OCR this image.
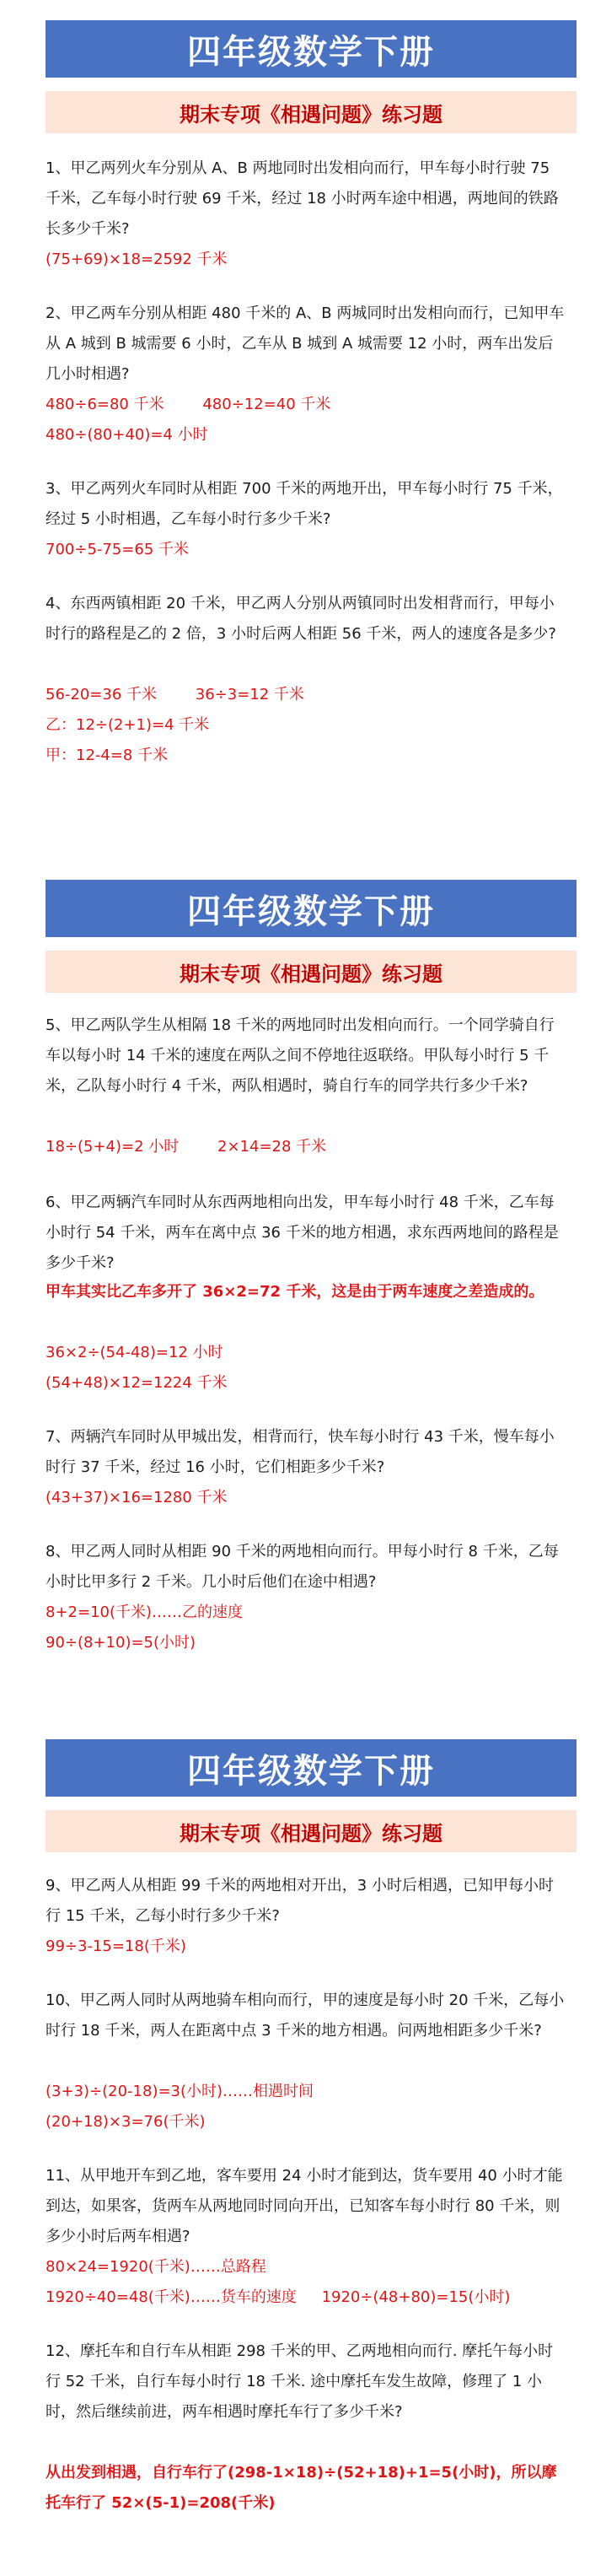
四年级数学下册
期末专项《相遇问题》练习题
1、甲乙两列火车分别从 A、B 两地同时出发相向而行，甲车每小时行驶 75 千米，乙车每小时行驶 69 千米，经过 18 小时两车途中相遇，两地间的铁路长多少千米?
(75+69)×18=2592 千米
2、甲乙两车分别从相距 480 千米的 A、B 两城同时出发相向而行，已知甲车从 A 城到 B 城需要 6 小时，乙车从 B 城到 A 城需要 12 小时，两车出发后几小时相遇?
480÷6=80 千米	480÷12=40 千米
480÷(80+40)=4 小时
3、甲乙两列火车同时从相距 700 千米的两地开出，甲车每小时行 75 千米，经过 5 小时相遇，乙车每小时行多少千米?
700÷5-75=65 千米
4、东西两镇相距 20 千米，甲乙两人分别从两镇同时出发相背而行，甲每小时行的路程是乙的 2 倍，3 小时后两人相距 56 千米，两人的速度各是多少?
56-20=36 千米	36÷3=12 千米
乙：12÷(2+1)=4 千米
甲：12-4=8 千米
四年级数学下册
期末专项《相遇问题》练习题
5、甲乙两队学生从相隔 18 千米的两地同时出发相向而行。一个同学骑自行车以每小时 14 千米的速度在两队之间不停地往返联络。甲队每小时行 5 千米，乙队每小时行 4 千米，两队相遇时，骑自行车的同学共行多少千米?
18÷(5+4)=2 小时	2×14=28 千米
6、甲乙两辆汽车同时从东西两地相向出发，甲车每小时行 48 千米，乙车每小时行 54 千米，两车在离中点 36 千米的地方相遇，求东西两地间的路程是多少千米?
甲车其实比乙车多开了 36×2=72 千米，这是由于两车速度之差造成的。
36×2÷(54-48)=12 小时
(54+48)×12=1224 千米
7、两辆汽车同时从甲城出发，相背而行，快车每小时行 43 千米，慢车每小时行 37 千米，经过 16 小时，它们相距多少千米?
(43+37)×16=1280 千米
8、甲乙两人同时从相距 90 千米的两地相向而行。甲每小时行 8 千米，乙每小时比甲多行 2 千米。几小时后他们在途中相遇?
8+2=10(千米)……乙的速度
90÷(8+10)=5(小时)
四年级数学下册
期末专项《相遇问题》练习题
9、甲乙两人从相距 99 千米的两地相对开出，3 小时后相遇，已知甲每小时行 15 千米，乙每小时行多少千米?
99÷3-15=18(千米)
10、甲乙两人同时从两地骑车相向而行，甲的速度是每小时 20 千米，乙每小时行 18 千米，两人在距离中点 3 千米的地方相遇。问两地相距多少千米?
(3+3)÷(20-18)=3(小时)……相遇时间
(20+18)×3=76(千米)
11、从甲地开车到乙地，客车要用 24 小时才能到达，货车要用 40 小时才能到达，如果客，货两车从两地同时同向开出，已知客车每小时行 80 千米，则多少小时后两车相遇?
80×24=1920(千米)……总路程
1920÷40=48(千米)……货车的速度 1920÷(48+80)=15(小时)
12、摩托车和自行车从相距 298 千米的甲、乙两地相向而行. 摩托午每小时行 52 千米，自行车每小时行 18 千米. 途中摩托车发生故障，修理了 1 小时，然后继续前进，两车相遇时摩托车行了多少千米?
从出发到相遇，自行车行了(298-1×18)÷(52+18)+1=5(小时)，所以摩托车行了 52×(5-1)=208(千米)
